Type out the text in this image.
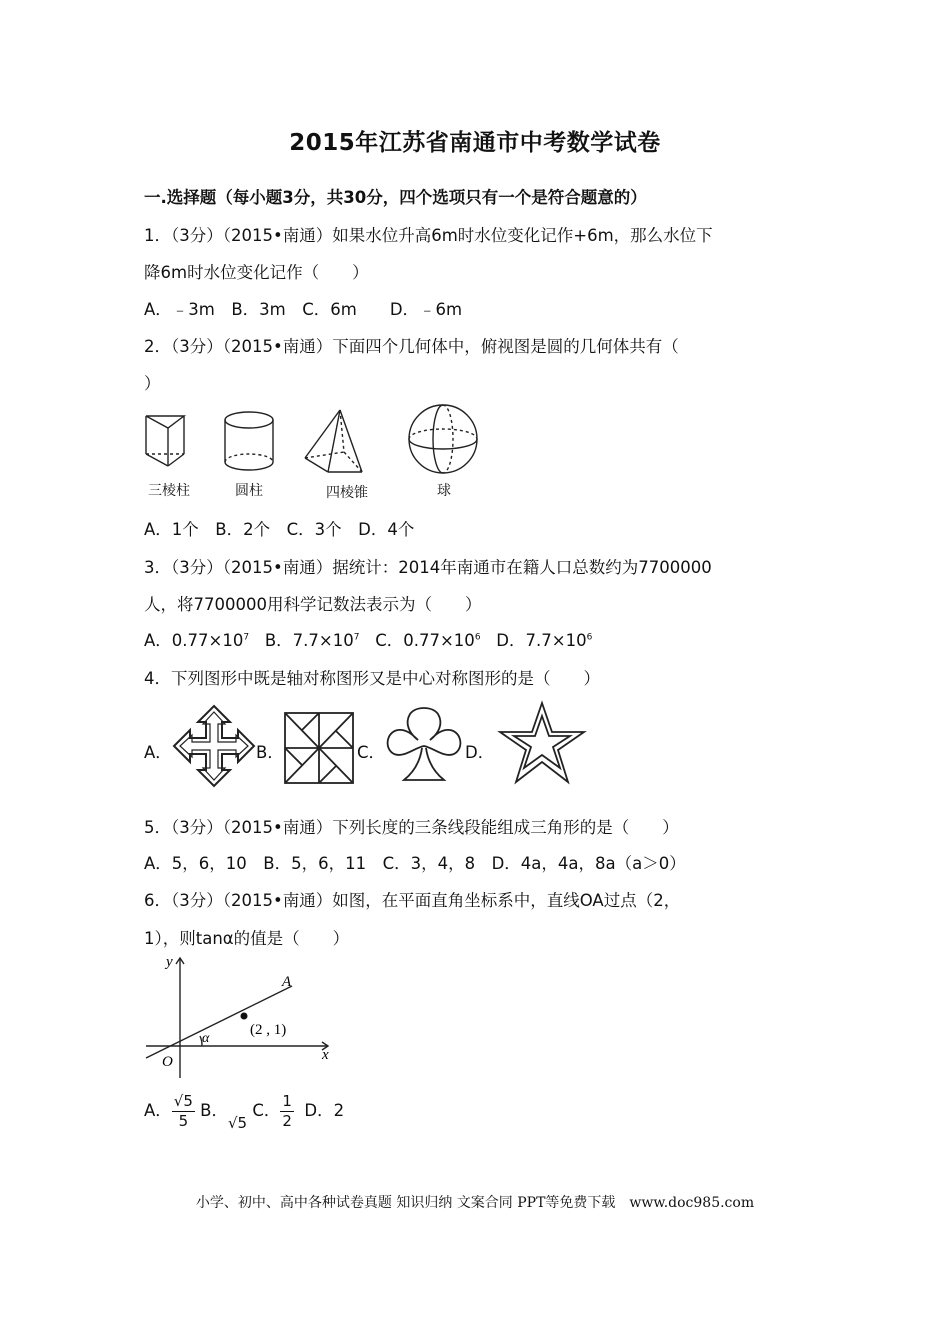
2015年江苏省南通市中考数学试卷
一.选择题（每小题3分，共30分，四个选项只有一个是符合题意的）
1．（3分）（2015•南通）如果水位升高6m时水位变化记作+6m，那么水位下
降6m时水位变化记作（　　）
A．﹣3m　B．3m　C．6m　　D．﹣6m
2．（3分）（2015•南通）下面四个几何体中，俯视图是圆的几何体共有（
）
三棱柱	圆柱	四棱锥	球
A．1个　B．2个　C．3个　D．4个
3．（3分）（2015•南通）据统计：2014年南通市在籍人口总数约为7700000
人，将7700000用科学记数法表示为（　　）
A．$0.77\times 10^7$ B．$7.7\times 10^7$ C．$0.77\times 10^6$ D．$7.7\times 10^6$
4．下列图形中既是轴对称图形又是中心对称图形的是（　　）
A．	B．	C．	D．
5．（3分）（2015•南通）下列长度的三条线段能组成三角形的是（　　）
A．5，6，10　B．5，6，11　C．3，4，8　D．4a，4a，8a（a＞0）
6．（3分）（2015•南通）如图，在平面直角坐标系中，直线OA过点（2，
1），则tanα的值是（　　）
y
x
O
α
A
(2 , 1)
A． $\frac{√5}{5}$ B．√5 C． $\frac{1}{2}$ D．2
小学、初中、高中各种试卷真题 知识归纳 文案合同 PPT等免费下载　www.doc985.com
